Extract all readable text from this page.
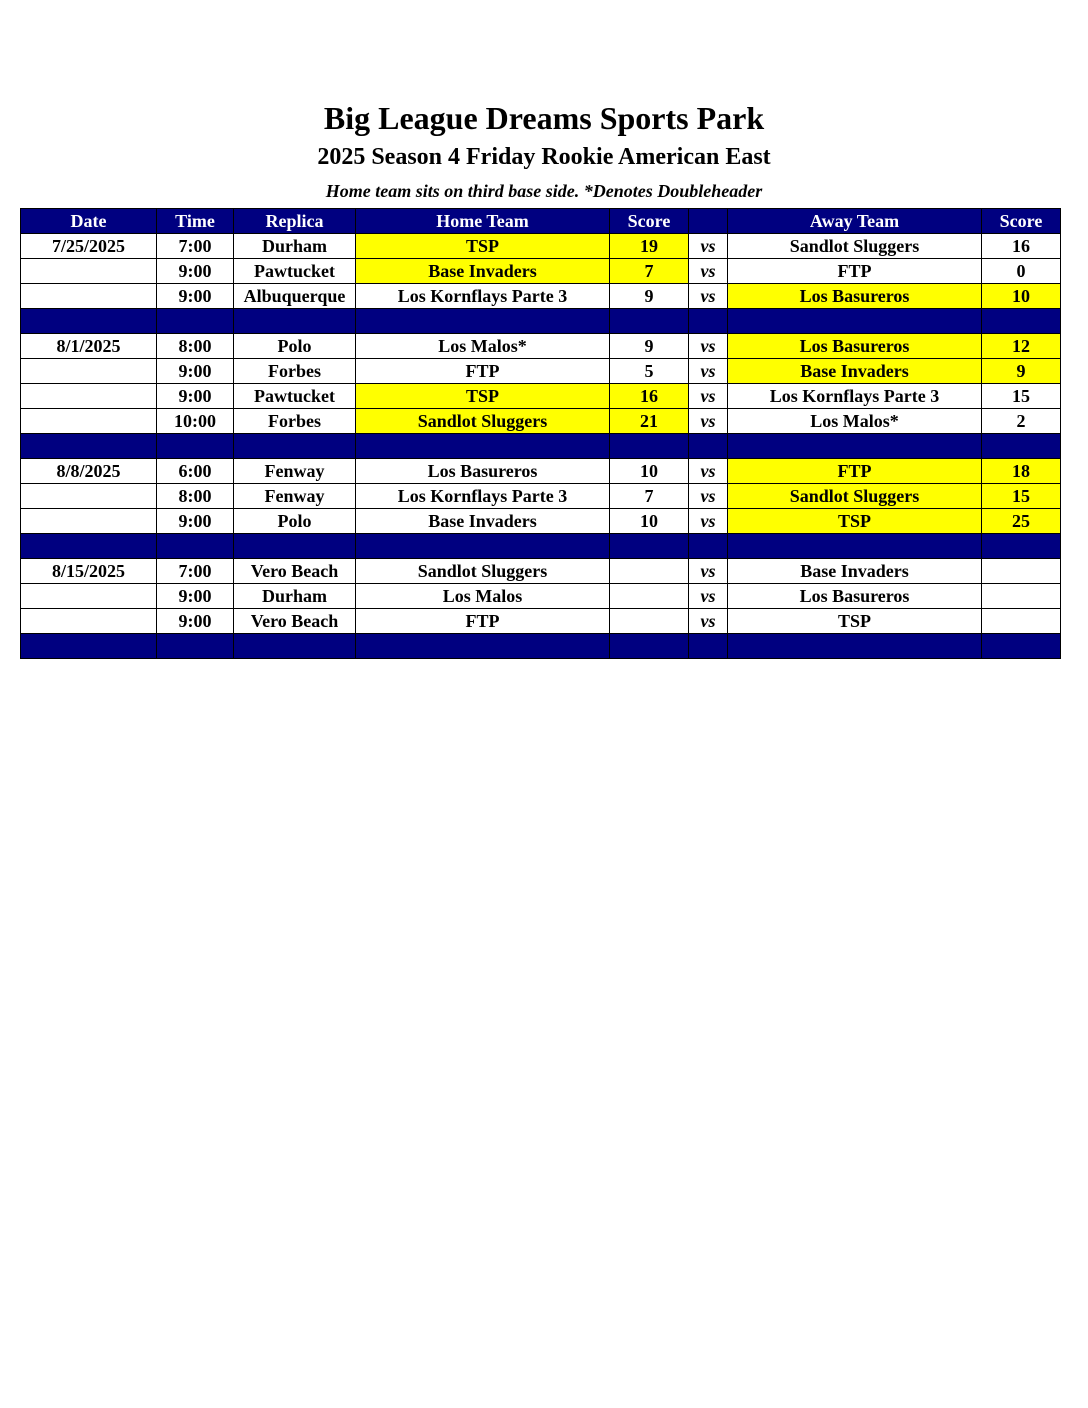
Big League Dreams Sports Park
2025 Season 4 Friday Rookie American East
Home team sits on third base side. *Denotes Doubleheader
Date	Time	Replica	Home Team	Score		Away Team	Score
7/25/2025	7:00	Durham	TSP	19	vs	Sandlot Sluggers	16
	9:00	Pawtucket	Base Invaders	7	vs	FTP	0
	9:00	Albuquerque	Los Kornflays Parte 3	9	vs	Los Basureros	10

8/1/2025	8:00	Polo	Los Malos*	9	vs	Los Basureros	12
	9:00	Forbes	FTP	5	vs	Base Invaders	9
	9:00	Pawtucket	TSP	16	vs	Los Kornflays Parte 3	15
	10:00	Forbes	Sandlot Sluggers	21	vs	Los Malos*	2

8/8/2025	6:00	Fenway	Los Basureros	10	vs	FTP	18
	8:00	Fenway	Los Kornflays Parte 3	7	vs	Sandlot Sluggers	15
	9:00	Polo	Base Invaders	10	vs	TSP	25

8/15/2025	7:00	Vero Beach	Sandlot Sluggers		vs	Base Invaders	
	9:00	Durham	Los Malos		vs	Los Basureros	
	9:00	Vero Beach	FTP		vs	TSP	
